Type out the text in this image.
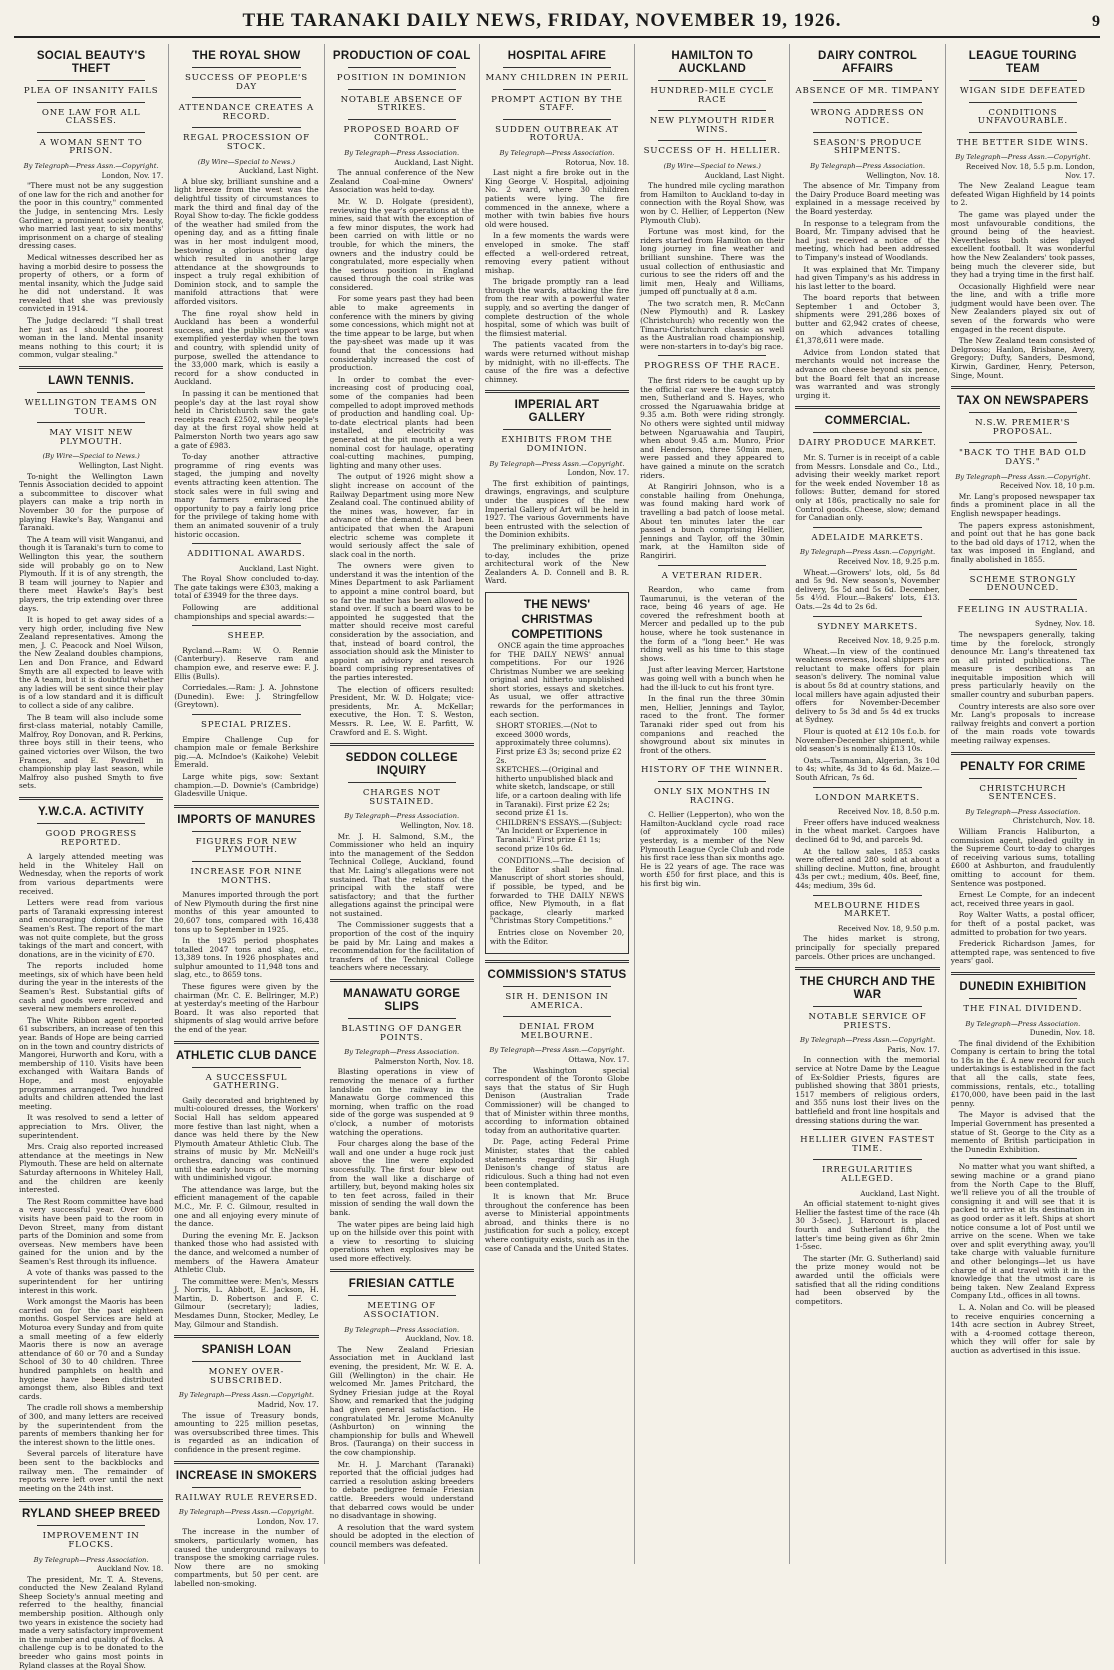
THE TARANAKI DAILY NEWS, FRIDAY, NOVEMBER 19, 1926.	9
SOCIAL BEAUTY'S THEFT
PLEA OF INSANITY FAILS
ONE LAW FOR ALL CLASSES.
A WOMAN SENT TO PRISON.
By Telegraph—Press Assn.—Copyright.
London, Nov. 17.

"There must not be any suggestion of one law for the rich and another for the poor in this country," commented the Judge, in sentencing Mrs. Lesly Gardiner, a prominent society beauty, who married last year, to six months' imprisonment on a charge of stealing dressing cases.

Medical witnesses described her as having a morbid desire to possess the property of others, or a form of mental insanity, which the Judge said he did not understand. It was revealed that she was previously convicted in 1914.

The Judge declared: "I shall treat her just as I should the poorest woman in the land. Mental insanity means nothing to this court; it is common, vulgar stealing."

LAWN TENNIS.
WELLINGTON TEAMS ON TOUR.
MAY VISIT NEW PLYMOUTH.
(By Wire—Special to News.)
Wellington, Last Night.

To-night the Wellington Lawn Tennis Association decided to appoint a subcommittee to discover what players can make a trip north in November 30 for the purpose of playing Hawke's Bay, Wanganui and Taranaki.

The A team will visit Wanganui, and though it is Taranaki's turn to come to Wellington this year, the southern side will probably go on to New Plymouth. If it is of any strength, the B team will journey to Napier and there meet Hawke's Bay's best players, the trip extending over three days.

It is hoped to get away sides of a very high order, including five New Zealand representatives. Among the men, J. C. Peacock and Noel Wilson, the New Zealand doubles champions, Len and Don France, and Edward Smyth are all expected to leave with the A team, but it is doubtful whether any ladies will be sent since their play is of a low standard and it is difficult to collect a side of any calibre.

The B team will also include some first-class material, notably Camille, Malfroy, Roy Donovan, and R. Perkins, three boys still in their teens, who gained victories over Wilson, the two Frances, and E. Powdrell in championship play last season, while Malfroy also pushed Smyth to five sets.

Y.W.C.A. ACTIVITY
GOOD PROGRESS REPORTED.

A largely attended meeting was held in the Whiteley Hall on Wednesday, when the reports of work from various departments were received.

Letters were read from various parts of Taranaki expressing interest and encouraging donations for the Seamen's Rest. The report of the mart was not quite complete, but the gross takings of the mart and concert, with donations, are in the vicinity of £70.

The reports included home meetings, six of which have been held during the year in the interests of the Seamen's Rest. Substantial gifts of cash and goods were received and several new members enrolled.

The White Ribbon agent reported 61 subscribers, an increase of ten this year. Bands of Hope are being carried on in the town and country districts of Mangorei, Hurworth and Koru, with a membership of 110. Visits have been exchanged with Waitara Bands of Hope, and most enjoyable programmes arranged. Two hundred adults and children attended the last meeting.

It was resolved to send a letter of appreciation to Mrs. Oliver, the superintendent.

Mrs. Craig also reported increased attendance at the meetings in New Plymouth. These are held on alternate Saturday afternoons in Whiteley Hall, and the children are keenly interested.

The Rest Room committee have had a very successful year. Over 6000 visits have been paid to the room in Devon Street, many from distant parts of the Dominion and some from overseas. New members have been gained for the union and by the Seamen's Rest through its influence.

A vote of thanks was passed to the superintendent for her untiring interest in this work.

Work amongst the Maoris has been carried on for the past eighteen months. Gospel Services are held at Moturoa every Sunday and from quite a small meeting of a few elderly Maoris there is now an average attendance of 60 or 70 and a Sunday School of 30 to 40 children. Three hundred pamphlets on health and hygiene have been distributed amongst them, also Bibles and text cards.

The cradle roll shows a membership of 300, and many letters are received by the superintendent from the parents of members thanking her for the interest shown to the little ones.

Several parcels of literature have been sent to the backblocks and railway men. The remainder of reports were left over until the next meeting on the 24th inst.

RYLAND SHEEP BREED
IMPROVEMENT IN FLOCKS.
By Telegraph—Press Association.
Auckland Nov. 18.

The president, Mr. T. A. Stevens, conducted the New Zealand Ryland Sheep Society's annual meeting and referred to the healthy, financial membership position. Although only two years in existence the society had made a very satisfactory improvement in the number and quality of flocks. A challenge cup is to be donated to the breeder who gains most points in Ryland classes at the Royal Show.

THE ROYAL SHOW
SUCCESS OF PEOPLE'S DAY
ATTENDANCE CREATES A RECORD.
REGAL PROCESSION OF STOCK.
(By Wire—Special to News.)
Auckland, Last Night.

A blue sky, brilliant sunshine and a light breeze from the west was the delightful tissity of circumstances to mark the third and final day of the Royal Show to-day. The fickle goddess of the weather had smiled from the opening day, and as a fitting finale was in her most indulgent mood, bestowing a glorious spring day which resulted in another large attendance at the showgrounds to inspect a truly regal exhibition of Dominion stock, and to sample the manifold attractions that were afforded visitors.

The fine royal show held in Auckland has been a wonderful success, and the public support was exemplified yesterday when the town and country, with splendid unity of purpose, swelled the attendance to the 33,000 mark, which is easily a record for a show conducted in Auckland.

In passing it can be mentioned that people's day at the last royal show held in Christchurch saw the gate receipts reach £2502, while people's day at the first royal show held at Palmerston North two years ago saw a gate of £983.

To-day another attractive programme of ring events was staged, the jumping and novelty events attracting keen attention. The stock sales were in full swing and many farmers embraced the opportunity to pay a fairly long price for the privilege of taking home with them an animated souvenir of a truly historic occasion.

ADDITIONAL AWARDS.
Auckland, Last Night.

The Royal Show concluded to-day. The gate takings were £303, making a total of £3949 for the three days.

Following are additional championships and special awards:—

SHEEP.

Rycland.—Ram: W. O. Rennie (Canterbury). Reserve ram and champion ewe, and reserve ewe: F. J. Ellis (Bulls).

Corriedales.—Ram: J. A. Johnstone (Dunedin). Ewe: J. Stringfellow (Greytown).

SPECIAL PRIZES.

Empire Challenge Cup for champion male or female Berkshire pig.—A. McIndoe's (Kaikohe) Velebit Emerald.

Large white pigs, sow: Sextant champion.—D. Downie's (Cambridge) Gladesville Unique.

IMPORTS OF MANURES
FIGURES FOR NEW PLYMOUTH.
INCREASE FOR NINE MONTHS.

Manures imported through the port of New Plymouth during the first nine months of this year amounted to 20,607 tons, compared with 16,438 tons up to September in 1925.

In the 1925 period phosphates totalled 2047 tons and slag, etc., 13,389 tons. In 1926 phosphates and sulphur amounted to 11,948 tons and slag, etc., to 8659 tons.

These figures were given by the chairman (Mr. C. E. Bellringer, M.P.) at yesterday's meeting of the Harbour Board. It was also reported that shipments of slag would arrive before the end of the year.

ATHLETIC CLUB DANCE
A SUCCESSFUL GATHERING.

Gaily decorated and brightened by multi-coloured dresses, the Workers' Social Hall has seldom appeared more festive than last night, when a dance was held there by the New Plymouth Amateur Athletic Club. The strains of music by Mr. McNeill's orchestra, dancing was continued until the early hours of the morning with undiminished vigour.

The attendance was large, but the efficient management of the capable M.C., Mr. F. C. Gilmour, resulted in one and all enjoying every minute of the dance.

During the evening Mr. E. Jackson thanked those who had assisted with the dance, and welcomed a number of members of the Hawera Amateur Athletic Club.

The committee were: Men's, Messrs J. Norris, L. Abbott, E. Jackson, H. Martin, D. Robertson and F. C. Gilmour (secretary); ladies, Mesdames Dunn, Stocker, Medley, Le May, Gilmour and Standish.

SPANISH LOAN
MONEY OVER-SUBSCRIBED.
By Telegraph—Press Assn.—Copyright.
Madrid, Nov. 17.

The issue of Treasury bonds, amounting to 225 million pesetas, was oversubscribed three times. This is regarded as an indication of confidence in the present regime.

INCREASE IN SMOKERS
RAILWAY RULE REVERSED.
By Telegraph—Press Assn.—Copyright.
London, Nov. 17.

The increase in the number of smokers, particularly women, has caused the underground railways to transpose the smoking carriage rules. Now there are no smoking compartments, but 50 per cent. are labelled non-smoking.

PRODUCTION OF COAL
POSITION IN DOMINION
NOTABLE ABSENCE OF STRIKES.
PROPOSED BOARD OF CONTROL.
By Telegraph—Press Association.
Auckland, Last Night.

The annual conference of the New Zealand Coal-mine Owners' Association was held to-day.

Mr. W. D. Holgate (president), reviewing the year's operations at the mines, said that with the exception of a few minor disputes, the work had been carried on with little or no trouble, for which the miners, the owners and the industry could be congratulated, more especially when the serious position in England caused through the coal strike was considered.

For some years past they had been able to make agreements in conference with the miners by giving some concessions, which might not at the time appear to be large, but when the pay-sheet was made up it was found that the concessions had considerably increased the cost of production.

In order to combat the ever-increasing cost of producing coal, some of the companies had been compelled to adopt improved methods of production and handling coal. Up-to-date electrical plants had been installed, and electricity was generated at the pit mouth at a very nominal cost for haulage, operating coal-cutting machines, pumping, lighting and many other uses.

The output of 1926 might show a slight increase on account of the Railway Department using more New Zealand coal. The continued ability of the mines was, however, far in advance of the demand. It had been anticipated that when the Arapuni electric scheme was complete it would seriously affect the sale of slack coal in the north.

The owners were given to understand it was the intention of the Mines Department to ask Parliament to appoint a mine control board, but so far the matter has been allowed to stand over. If such a board was to be appointed he suggested that the matter should receive most careful consideration by the association, and that, instead of board control, the association should ask the Minister to appoint an advisory and research board comprising representatives of the parties interested.

The election of officers resulted: President, Mr. W. D. Holgate; vice-presidents, Mr. A. McKellar; executive, the Hon. T. S. Weston, Messrs. R. Lee, W. E. Parfitt, W. Crawford and E. S. Wight.

SEDDON COLLEGE INQUIRY
CHARGES NOT SUSTAINED.
By Telegraph—Press Association.
Wellington, Nov. 18.

Mr. J. H. Salmond, S.M., the Commissioner who held an inquiry into the management of the Seddon Technical College, Auckland, found that Mr. Laing's allegations were not sustained. That the relations of the principal with the staff were satisfactory; and that the further allegations against the principal were not sustained.

The Commissioner suggests that a proportion of the cost of the inquiry be paid by Mr. Laing and makes a recommendation for the facilitation of transfers of the Technical College teachers where necessary.

MANAWATU GORGE SLIPS
BLASTING OF DANGER POINTS.
By Telegraph—Press Association.
Palmerston North, Nov. 18.

Blasting operations in view of removing the menace of a further landslide on the railway in the Manawatu Gorge commenced this morning, when traffic on the road side of the gorge was suspended at 9 o'clock, a number of motorists watching the operations.

Four charges along the base of the wall and one under a huge rock just above the line were exploded successfully. The first four blew out from the wall like a discharge of artillery, but, beyond making holes six to ten feet across, failed in their mission of sending the wall down the bank.

The water pipes are being laid high up on the hillside over this point with a view to resorting to sluicing operations when explosives may be used more effectively.

FRIESIAN CATTLE
MEETING OF ASSOCIATION.
By Telegraph—Press Association.
Auckland, Nov. 18.

The New Zealand Friesian Association met in Auckland last evening, the president, Mr. W. E. A. Gill (Wellington) in the chair. He welcomed Mr. James Pritchard, the Sydney Friesian judge at the Royal Show, and remarked that the judging had given general satisfaction. He congratulated Mr. Jerome McAnulty (Ashburton) on winning the championship for bulls and Whewell Bros. (Tauranga) on their success in the cow championship.

Mr. H. J. Marchant (Taranaki) reported that the official judges had carried a resolution asking breeders to debate pedigree female Friesian cattle. Breeders would understand that debarred cows would be under no disadvantage in showing.

A resolution that the ward system should be adopted in the election of council members was defeated.

HOSPITAL AFIRE
MANY CHILDREN IN PERIL
PROMPT ACTION BY THE STAFF.
SUDDEN OUTBREAK AT ROTORUA.
By Telegraph—Press Association.
Rotorua, Nov. 18.

Last night a fire broke out in the King George V. Hospital, adjoining No. 2 ward, where 30 children patients were lying. The fire commenced in the annexe, where a mother with twin babies five hours old were housed.

In a few moments the wards were enveloped in smoke. The staff effected a well-ordered retreat, removing every patient without mishap.

The brigade promptly ran a lead through the wards, attacking the fire from the rear with a powerful water supply, and so averting the danger of complete destruction of the whole hospital, some of which was built of the flimsiest material.

The patients vacated from the wards were returned without mishap by midnight, with no ill-effects. The cause of the fire was a defective chimney.

IMPERIAL ART GALLERY
EXHIBITS FROM THE DOMINION.
By Telegraph—Press Assn.—Copyright.
London, Nov. 17.

The first exhibition of paintings, drawings, engravings, and sculpture under the auspices of the new Imperial Gallery of Art will be held in 1927. The various Governments have been entrusted with the selection of the Dominion exhibits.

The preliminary exhibition, opened to-day, includes the prize architectural work of the New Zealanders A. D. Connell and B. R. Ward.

THE NEWS' CHRISTMAS COMPETITIONS

ONCE again the time approaches for THE DAILY NEWS' annual competitions. For our 1926 Christmas Number we are seeking original and hitherto unpublished short stories, essays and sketches. As usual, we offer attractive rewards for the performances in each section.

SHORT STORIES.—(Not to exceed 3000 words, approximately three columns). First prize £3 3s; second prize £2 2s.
SKETCHES.—(Original and hitherto unpublished black and white sketch, landscape, or still life, or a cartoon dealing with life in Taranaki). First prize £2 2s; second prize £1 1s.
CHILDREN'S ESSAYS.—(Subject: "An Incident or Experience in Taranaki." First prize £1 1s; second prize 10s 6d.

CONDITIONS.—The decision of the Editor shall be final. Manuscript of short stories should, if possible, be typed, and be forwarded to THE DAILY NEWS office, New Plymouth, in a flat package, clearly marked "Christmas Story Competitions."

Entries close on November 20, with the Editor.

COMMISSION'S STATUS
SIR H. DENISON IN AMERICA.
DENIAL FROM MELBOURNE.
By Telegraph—Press Assn.—Copyright.
Ottawa, Nov. 17.

The Washington special correspondent of the Toronto Globe says that the status of Sir Hugh Denison (Australian Trade Commissioner) will be changed to that of Minister within three months, according to information obtained today from an authoritative quarter.

Dr. Page, acting Federal Prime Minister, states that the cabled statements regarding Sir Hugh Denison's change of status are ridiculous. Such a thing had not even been contemplated.

It is known that Mr. Bruce throughout the conference has been averse to Ministerial appointments abroad, and thinks there is no justification for such a policy, except where contiguity exists, such as in the case of Canada and the United States.

HAMILTON TO AUCKLAND
HUNDRED-MILE CYCLE RACE
NEW PLYMOUTH RIDER WINS.
SUCCESS OF H. HELLIER.
(By Wire—Special to News.)
Auckland, Last Night.

The hundred mile cycling marathon from Hamilton to Auckland to-day in connection with the Royal Show, was won by C. Hellier, of Lepperton (New Plymouth Club).

Fortune was most kind, for the riders started from Hamilton on their long journey in fine weather and brilliant sunshine. There was the usual collection of enthusiastic and curious to see the riders off and the limit men, Healy and Williams, jumped off punctually at 8 a.m.

The two scratch men, R. McCann (New Plymouth) and R. Laskey (Christchurch) who recently won the Timaru-Christchurch classic as well as the Australian road championship, were non-starters in to-day's big race.

PROGRESS OF THE RACE.

The first riders to be caught up by the official car were the two scratch men, Sutherland and S. Hayes, who crossed the Ngaruawahia bridge at 9.35 a.m. Both were riding strongly. No others were sighted until midway between Ngaruawahia and Taupiri, when about 9.45 a.m. Munro, Prior and Henderson, three 50min men, were passed and they appeared to have gained a minute on the scratch riders.

At Rangiriri Johnson, who is a constable hailing from Onehunga, was found making hard work of travelling a bad patch of loose metal. About ten minutes later the car passed a bunch comprising Hellier, Jennings and Taylor, off the 30min mark, at the Hamilton side of Rangiriri.

A VETERAN RIDER.

Reardon, who came from Taumarunui, is the veteran of the race, being 46 years of age. He covered the refreshment booth at Mercer and pedalled up to the pub house, where he took sustenance in the form of a "long beer." He was riding well as his time to this stage shows.

Just after leaving Mercer, Hartstone was going well with a bunch when he had the ill-luck to cut his front tyre.

In the final run the three 30min men, Hellier, Jennings and Taylor, raced to the front. The former Taranaki rider sped out from his companions and reached the showground about six minutes in front of the others.

HISTORY OF THE WINNER.
ONLY SIX MONTHS IN RACING.

C. Hellier (Lepperton), who won the Hamilton-Auckland cycle road race (of approximately 100 miles) yesterday, is a member of the New Plymouth League Cycle Club and rode his first race less than six months ago. He is 22 years of age. The race was worth £50 for first place, and this is his first big win.

DAIRY CONTROL AFFAIRS
ABSENCE OF MR. TIMPANY
WRONG ADDRESS ON NOTICE.
SEASON'S PRODUCE SHIPMENTS.
By Telegraph—Press Association.
Wellington, Nov. 18.

The absence of Mr. Timpany from the Dairy Produce Board meeting was explained in a message received by the Board yesterday.

In response to a telegram from the Board, Mr. Timpany advised that he had just received a notice of the meeting, which had been addressed to Timpany's instead of Woodlands.

It was explained that Mr. Timpany had given Timpany's as his address in his last letter to the board.

The board reports that between September 1 and October 3, shipments were 291,286 boxes of butter and 62,942 crates of cheese, on which advances totalling £1,378,611 were made.

Advice from London stated that merchants would not increase the advance on cheese beyond six pence, but the Board felt that an increase was warranted and was strongly urging it.

COMMERCIAL.
DAIRY PRODUCE MARKET.

Mr. S. Turner is in receipt of a cable from Messrs. Lonsdale and Co., Ltd., advising their weekly market report for the week ended November 18 as follows: Butter, demand for stored only at 186s, practically no sale for Control goods. Cheese, slow; demand for Canadian only.

ADELAIDE MARKETS.
By Telegraph—Press Assn.—Copyright.
Received Nov. 18, 9.25 p.m.

Wheat.—Growers' lots, old, 5s 8d and 5s 9d. New season's, November delivery, 5s 5d and 5s 6d. December, 5s 4½d. Flour.—Bakers' lots, £13. Oats.—2s 4d to 2s 6d.

SYDNEY MARKETS.
Received Nov. 18, 9.25 p.m.

Wheat.—In view of the continued weakness overseas, local shippers are reluctant to make offers for plain season's delivery. The nominal value is about 5s 8d at country stations, and local millers have again adjusted their offers for November-December delivery to 5s 3d and 5s 4d ex trucks at Sydney.

Flour is quoted at £12 10s f.o.b. for November-December shipment, while old season's is nominally £13 10s.

Oats.—Tasmanian, Algerian, 3s 10d to 4s; white, 4s 3d to 4s 6d. Maize.—South African, 7s 6d.

LONDON MARKETS.
Received Nov. 18, 8.50 p.m.

Freer offers have induced weakness in the wheat market. Cargoes have declined 6d to 9d, and parcels 9d.

At the tallow sales, 1853 casks were offered and 280 sold at about a shilling decline. Mutton, fine, brought 43s per cwt.; medium, 40s. Beef, fine, 44s; medium, 39s 6d.

MELBOURNE HIDES MARKET.
Received Nov. 18, 9.50 p.m.

The hides market is strong, principally for specially prepared parcels. Other prices are unchanged.

THE CHURCH AND THE WAR
NOTABLE SERVICE OF PRIESTS.
By Telegraph—Press Assn.—Copyright.
Paris, Nov. 17.

In connection with the memorial service at Notre Dame by the League of Ex-Soldier Priests, figures are published showing that 3801 priests, 1517 members of religious orders, and 355 nuns lost their lives on the battlefield and front line hospitals and dressing stations during the war.

HELLIER GIVEN FASTEST TIME.
IRREGULARITIES ALLEGED.
Auckland, Last Night.

An official statement to-night gives Hellier the fastest time of the race (4h 30 3-5sec). J. Harcourt is placed fourth and Sutherland fifth, the latter's time being given as 6hr 2min 1-5sec.

The starter (Mr. G. Sutherland) said the prize money would not be awarded until the officials were satisfied that all the riding conditions had been observed by the competitors.

LEAGUE TOURING TEAM
WIGAN SIDE DEFEATED
CONDITIONS UNFAVOURABLE.
THE BETTER SIDE WINS.
By Telegraph—Press Assn.—Copyright.
Received Nov. 18, 5.5 p.m. London, Nov. 17.

The New Zealand League team defeated Wigan Highfield by 14 points to 2.

The game was played under the most unfavourable conditions, the ground being of the heaviest. Nevertheless both sides played excellent football. It was wonderful how the New Zealanders' took passes, being much the cleverer side, but they had a trying time in the first half.

Occasionally Highfield were near the line, and with a trifle more judgment would have been over. The New Zealanders played six out of seven of the forwards who were engaged in the recent dispute.

The New Zealand team consisted of Delgrosso; Hanlon, Brisbane, Avery, Gregory; Dufty, Sanders, Desmond, Kirwin, Gardiner, Henry, Peterson, Singe, Mount.

TAX ON NEWSPAPERS
N.S.W. PREMIER'S PROPOSAL.
"BACK TO THE BAD OLD DAYS."
By Telegraph—Press Assn.—Copyright.
Received Nov. 18, 10 p.m.

Mr. Lang's proposed newspaper tax finds a prominent place in all the English newspaper headings.

The papers express astonishment, and point out that he has gone back to the bad old days of 1712, when the tax was imposed in England, and finally abolished in 1855.

SCHEME STRONGLY DENOUNCED.
FEELING IN AUSTRALIA.
Sydney, Nov. 18.

The newspapers generally, taking time by the forelock, strongly denounce Mr. Lang's threatened tax on all printed publications. The measure is described as an inequitable imposition which will press particularly heavily on the smaller country and suburban papers.

Country interests are also sore over Mr. Lang's proposals to increase railway freights and convert a portion of the main roads vote towards meeting railway expenses.

PENALTY FOR CRIME
CHRISTCHURCH SENTENCES.
By Telegraph—Press Association.
Christchurch, Nov. 18.

William Francis Haliburton, a commission agent, pleaded guilty in the Supreme Court to-day to charges of receiving various sums, totalling £600 at Ashburton, and fraudulently omitting to account for them. Sentence was postponed.

Ernest Le Compte, for an indecent act, received three years in gaol.

Roy Walter Watts, a postal officer, for theft of a postal packet, was admitted to probation for two years.

Frederick Richardson James, for attempted rape, was sentenced to five years' gaol.

DUNEDIN EXHIBITION
THE FINAL DIVIDEND.
By Telegraph—Press Association.
Dunedin, Nov. 18.

The final dividend of the Exhibition Company is certain to bring the total to 18s in the £. A new record for such undertakings is established in the fact that all the calls, state fees, commissions, rentals, etc., totalling £170,000, have been paid in the last penny.

The Mayor is advised that the Imperial Government has presented a statue of St. George to the City as a memento of British participation in the Dunedin Exhibition.

No matter what you want shifted, a sewing machine or a grand piano from the North Cape to the Bluff, we'll relieve you of all the trouble of consigning it and will see that it is packed to arrive at its destination in as good order as it left. Ships at short notice consume a lot of Post until we arrive on the scene. When we take over and split everything away, you'll take charge with valuable furniture and other belongings—let us have charge of it and travel with it in the knowledge that the utmost care is being taken. New Zealand Express Company Ltd., offices in all towns.

L. A. Nolan and Co. will be pleased to receive enquiries concerning a 14th acre section in Aubrey Street, with a 4-roomed cottage thereon, which they will offer for sale by auction as advertised in this issue.
